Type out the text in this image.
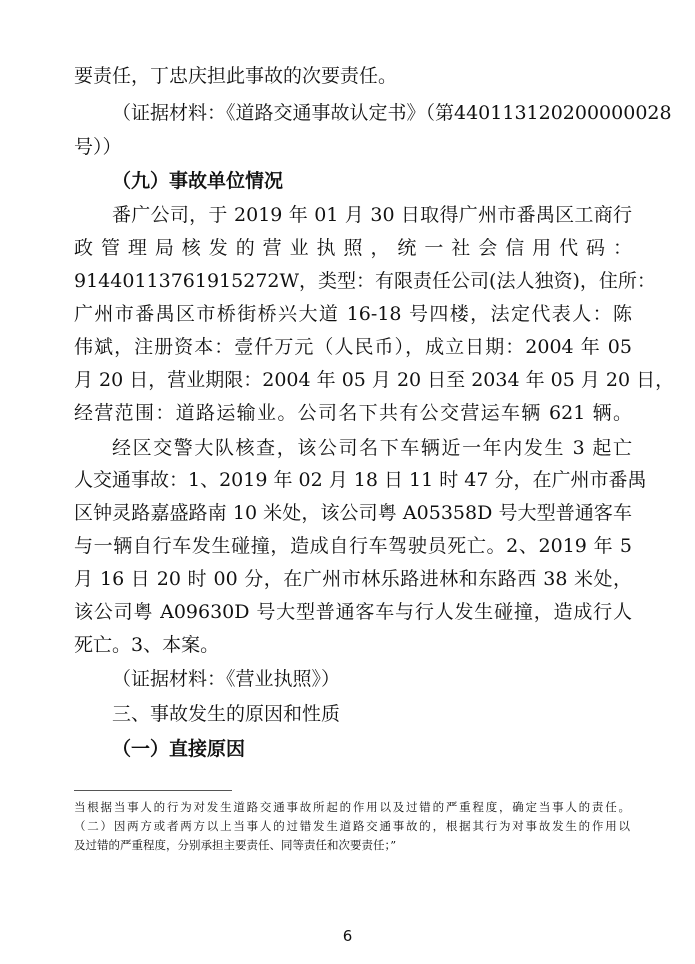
要责任，丁忠庆担此事故的次要责任。
（证据材料：《道路交通事故认定书》（第440113120200000028
号））
（九）事故单位情况
番广公司，于 2019 年 01 月 30 日取得广州市番禺区工商行
政管理局核发的营业执照，统一社会信用代码：
91440113761915272W，类型：有限责任公司(法人独资)，住所：
广州市番禺区市桥街桥兴大道 16-18 号四楼，法定代表人：陈
伟斌，注册资本：壹仟万元（人民币），成立日期：2004 年 05
月 20 日，营业期限：2004 年 05 月 20 日至 2034 年 05 月 20 日，
经营范围：道路运输业。公司名下共有公交营运车辆 621 辆。
经区交警大队核查，该公司名下车辆近一年内发生 3 起亡
人交通事故：1、2019 年 02 月 18 日 11 时 47 分，在广州市番禺
区钟灵路嘉盛路南 10 米处，该公司粤 A05358D 号大型普通客车
与一辆自行车发生碰撞，造成自行车驾驶员死亡。2、2019 年 5
月 16 日 20 时 00 分，在广州市林乐路进林和东路西 38 米处，
该公司粤 A09630D 号大型普通客车与行人发生碰撞，造成行人
死亡。3、本案。
（证据材料：《营业执照》）
三、事故发生的原因和性质
（一）直接原因
当根据当事人的行为对发生道路交通事故所起的作用以及过错的严重程度，确定当事人的责任。
（二）因两方或者两方以上当事人的过错发生道路交通事故的，根据其行为对事故发生的作用以
及过错的严重程度，分别承担主要责任、同等责任和次要责任；”
6
